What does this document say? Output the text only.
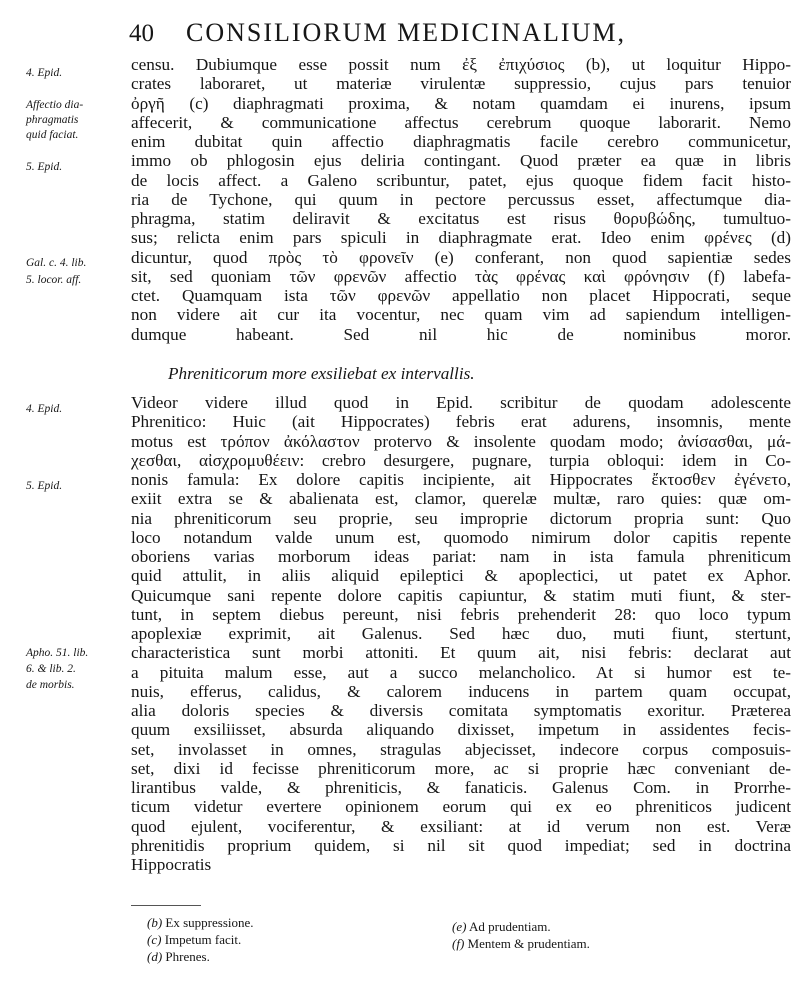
40 CONSILIORUM MEDICINALIUM,
4. Epid.
Affectio dia-
phragmatis
quid faciat.
5. Epid.
Gal. c. 4. lib.
5. locor. aff.
4. Epid.
5. Epid.
Apho. 51. lib.
6. & lib. 2.
de morbis.
censu. Dubiumque esse possit num ἐξ ἐπιχύσιος (b), ut loquitur Hippo-
crates laboraret, ut materiæ virulentæ suppressio, cujus pars tenuior
ὀργῆ (c) diaphragmati proxima, & notam quamdam ei inurens, ipsum
affecerit, & communicatione affectus cerebrum quoque laborarit. Nemo
enim dubitat quin affectio diaphragmatis facile cerebro communicetur,
immo ob phlogosin ejus deliria contingant. Quod præter ea quæ in libris
de locis affect. a Galeno scribuntur, patet, ejus quoque fidem facit histo-
ria de Tychone, qui quum in pectore percussus esset, affectumque dia-
phragma, statim deliravit & excitatus est risus θορυβώδης, tumultuo-
sus; relicta enim pars spiculi in diaphragmate erat. Ideo enim φρένες (d)
dicuntur, quod πρὸς τὸ φρονεῖν (e) conferant, non quod sapientiæ sedes
sit, sed quoniam τῶν φρενῶν affectio τὰς φρένας καὶ φρόνησιν (f) labefa-
ctet. Quamquam ista τῶν φρενῶν appellatio non placet Hippocrati, seque
non videre ait cur ita vocentur, nec quam vim ad sapiendum intelligen-
dumque habeant. Sed nil hic de nominibus moror.
Phreniticorum more exsiliebat ex intervallis.
Videor videre illud quod in Epid. scribitur de quodam adolescente
Phrenitico: Huic (ait Hippocrates) febris erat adurens, insomnis, mente
motus est τρόπον ἀκόλαστον protervo & insolente quodam modo; ἀνίσασθαι, μά-
χεσθαι, αἰσχρομυθέειν: crebro desurgere, pugnare, turpia obloqui: idem in Co-
nonis famula: Ex dolore capitis incipiente, ait Hippocrates ἔκτοσθεν ἐγένετο,
exiit extra se & abalienata est, clamor, querelæ multæ, raro quies: quæ om-
nia phreniticorum seu proprie, seu improprie dictorum propria sunt: Quo
loco notandum valde unum est, quomodo nimirum dolor capitis repente
oboriens varias morborum ideas pariat: nam in ista famula phreniticum
quid attulit, in aliis aliquid epileptici & apoplectici, ut patet ex Aphor.
Quicumque sani repente dolore capitis capiuntur, & statim muti fiunt, & ster-
tunt, in septem diebus pereunt, nisi febris prehenderit 28: quo loco typum
apoplexiæ exprimit, ait Galenus. Sed hæc duo, muti fiunt, stertunt,
characteristica sunt morbi attoniti. Et quum ait, nisi febris: declarat aut
a pituita malum esse, aut a succo melancholico. At si humor est te-
nuis, efferus, calidus, & calorem inducens in partem quam occupat,
alia doloris species & diversis comitata symptomatis exoritur. Præterea
quum exsiliisset, absurda aliquando dixisset, impetum in assidentes fecis-
set, involasset in omnes, stragulas abjecisset, indecore corpus composuis-
set, dixi id fecisse phreniticorum more, ac si proprie hæc conveniant de-
lirantibus valde, & phreniticis, & fanaticis. Galenus Com. in Prorrhe-
ticum videtur evertere opinionem eorum qui ex eo phreniticos judicent
quod ejulent, vociferentur, & exsiliant: at id verum non est. Veræ
phrenitidis proprium quidem, si nil sit quod impediat; sed in doctrina
Hippocratis
(b) Ex suppressione.
(c) Impetum facit.
(d) Phrenes.
(e) Ad prudentiam.
(f) Mentem & prudentiam.
